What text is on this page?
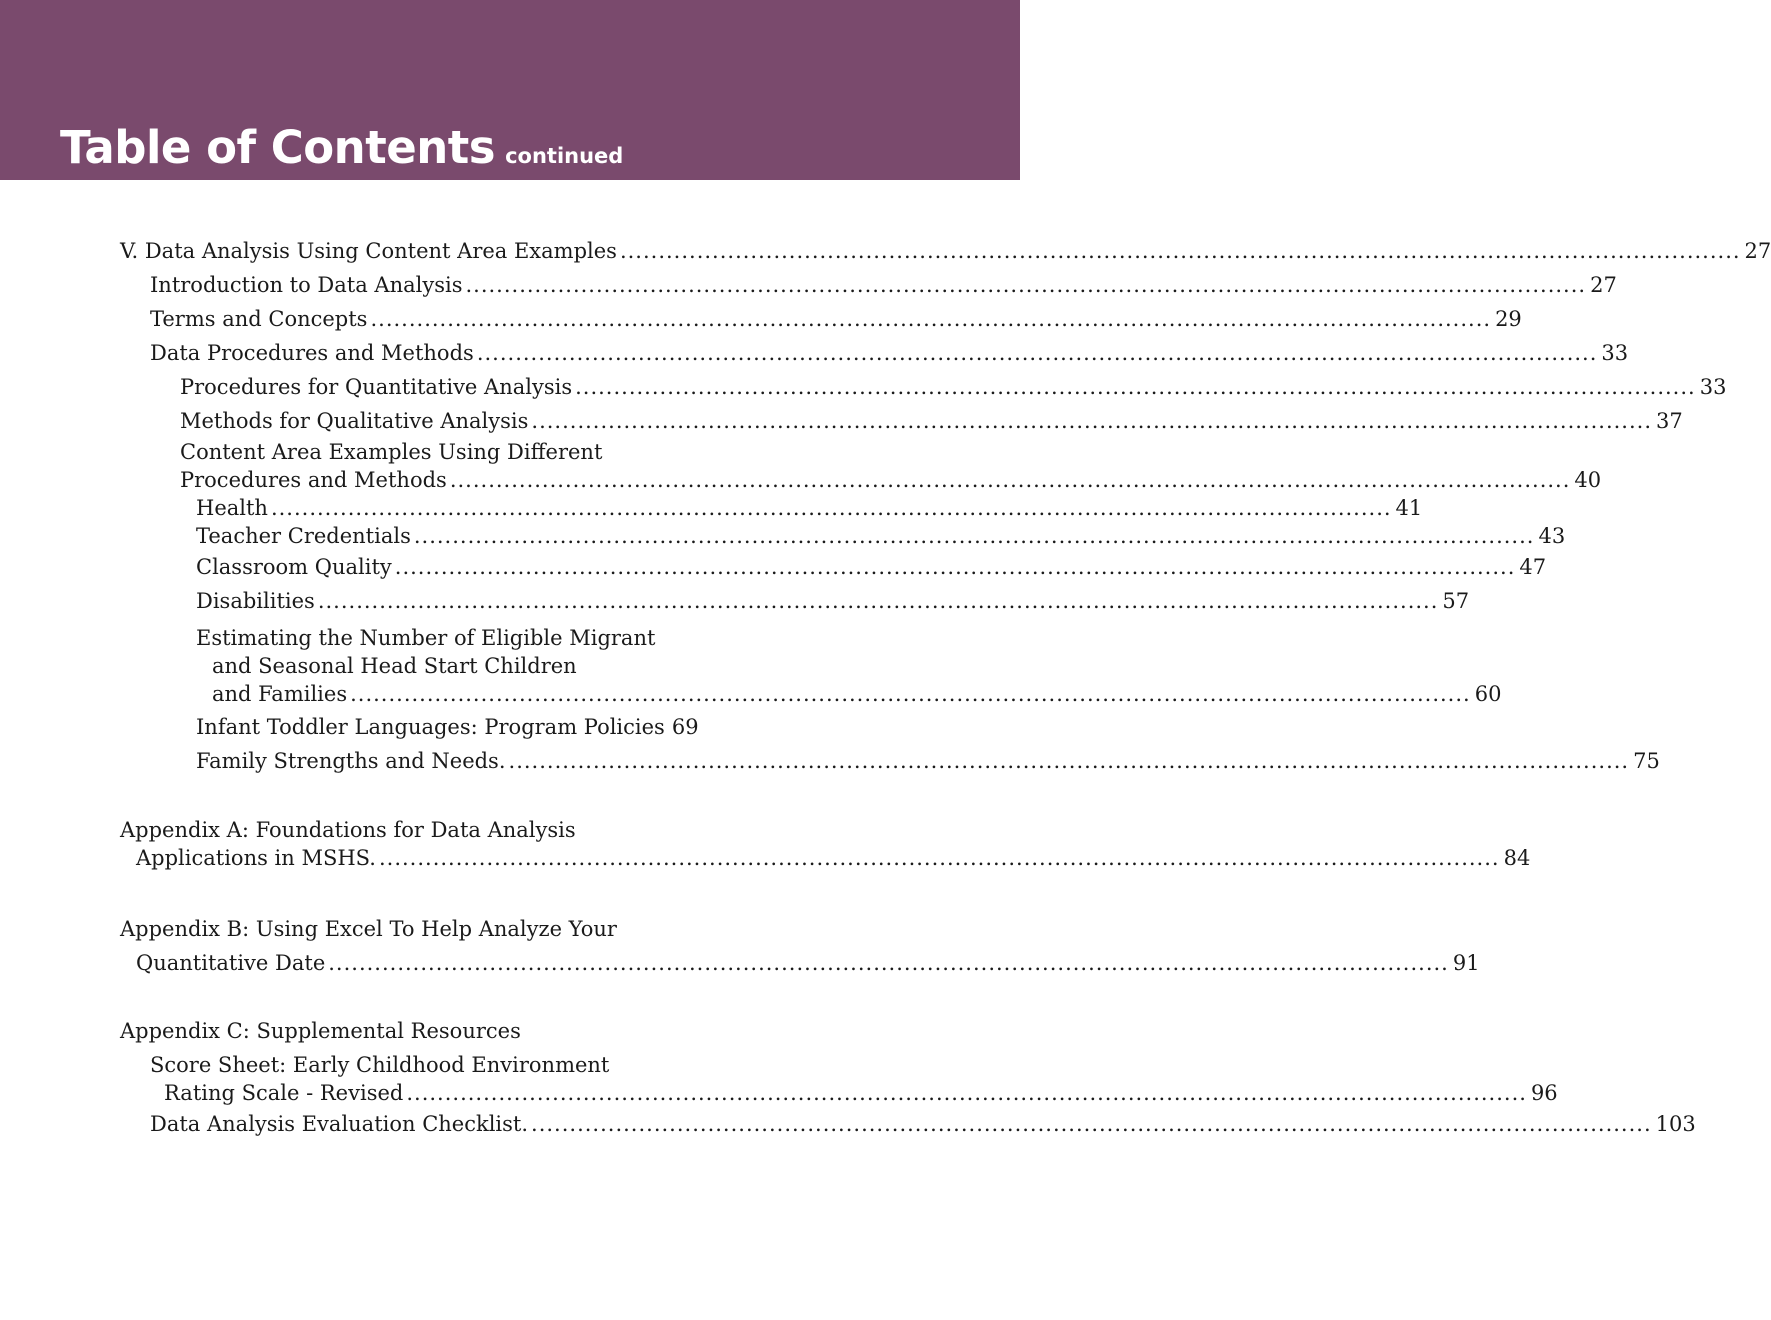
Table of Contents continued
V. Data Analysis Using Content Area Examples .................................................................................................................................................. 27
Introduction to Data Analysis .................................................................................................................................................. 27
Terms and Concepts .................................................................................................................................................. 29
Data Procedures and Methods .................................................................................................................................................. 33
Procedures for Quantitative Analysis .................................................................................................................................................. 33
Methods for Qualitative Analysis .................................................................................................................................................. 37
Content Area Examples Using Different
Procedures and Methods .................................................................................................................................................. 40
Health .................................................................................................................................................. 41
Teacher Credentials .................................................................................................................................................. 43
Classroom Quality .................................................................................................................................................. 47
Disabilities .................................................................................................................................................. 57
Estimating the Number of Eligible Migrant
and Seasonal Head Start Children
and Families .................................................................................................................................................. 60
Infant Toddler Languages: Program Policies 69
Family Strengths and Needs. .................................................................................................................................................. 75
Appendix A: Foundations for Data Analysis
Applications in MSHS. .................................................................................................................................................. 84
Appendix B: Using Excel To Help Analyze Your
Quantitative Date .................................................................................................................................................. 91
Appendix C: Supplemental Resources
Score Sheet: Early Childhood Environment
Rating Scale - Revised .................................................................................................................................................. 96
Data Analysis Evaluation Checklist. .................................................................................................................................................. 103
